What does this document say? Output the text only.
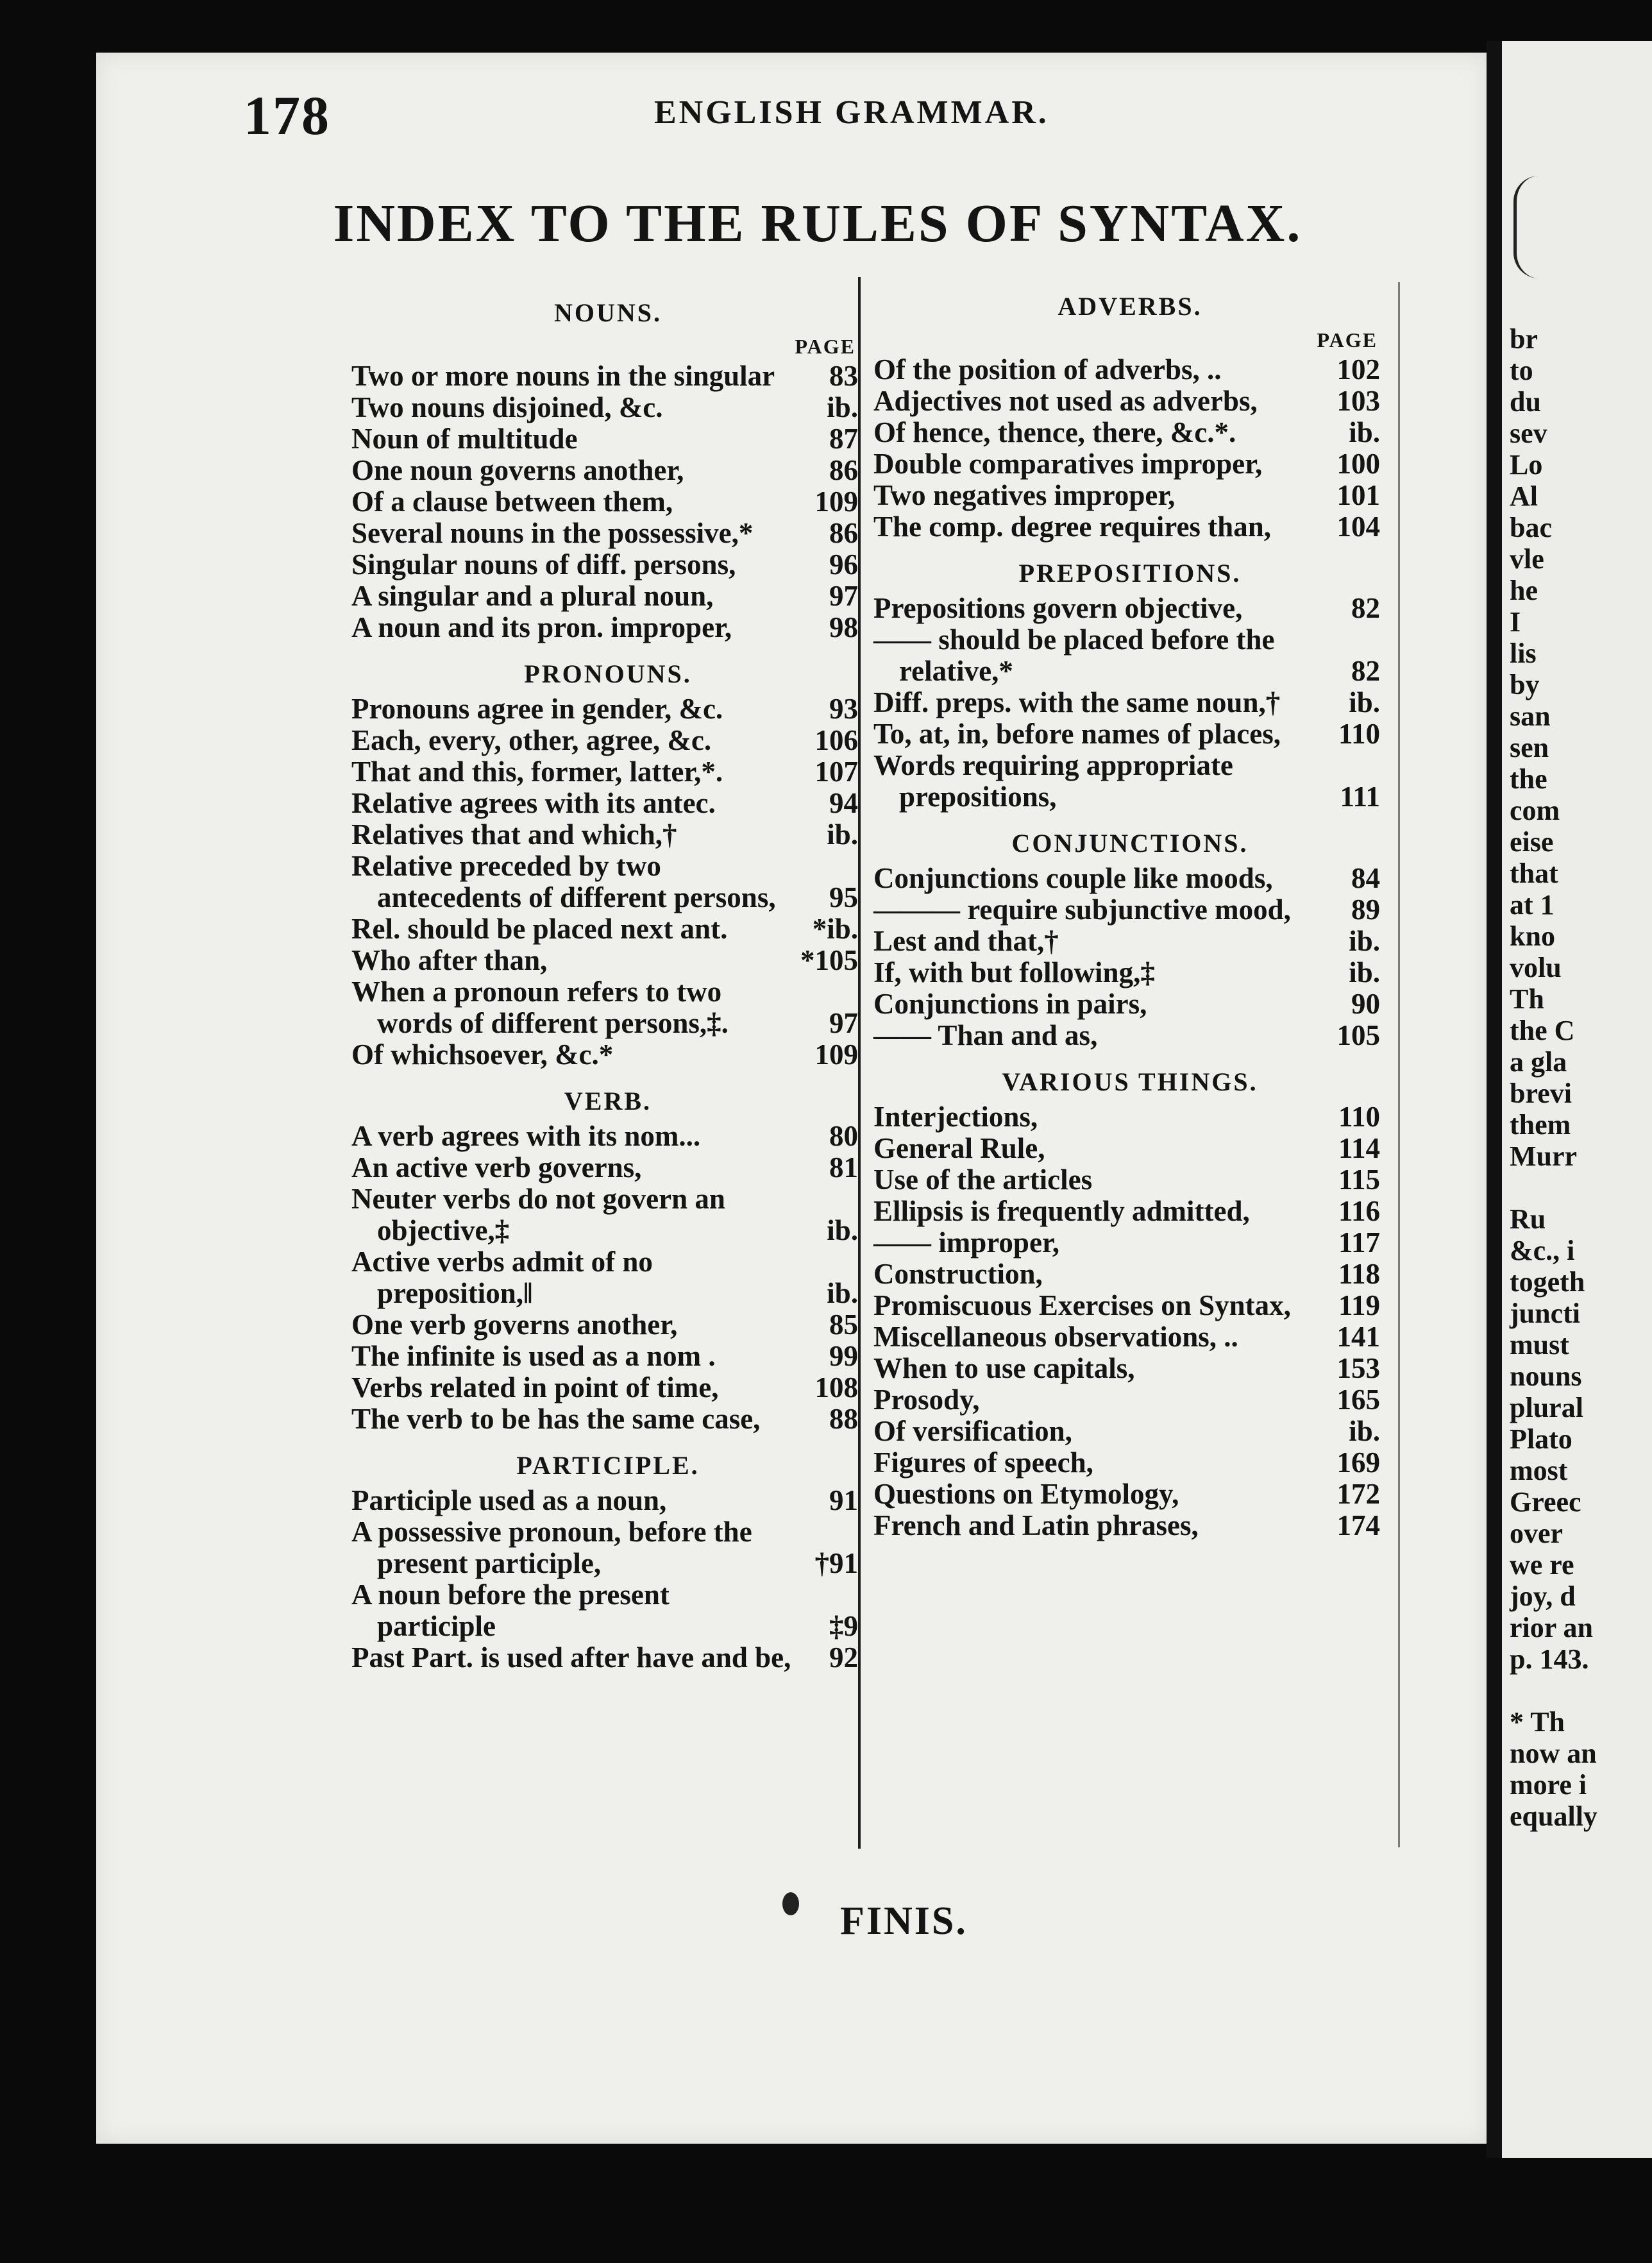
178	ENGLISH GRAMMAR.
INDEX TO THE RULES OF SYNTAX.
NOUNS.
PAGE
Two or more nouns in the singular	83
Two nouns disjoined, &c.	ib.
Noun of multitude	87
One noun governs another,	86
Of a clause between them,	109
Several nouns in the possessive,*	86
Singular nouns of diff. persons,	96
A singular and a plural noun,	97
A noun and its pron. improper,	98
PRONOUNS.
Pronouns agree in gender, &c.	93
Each, every, other, agree, &c.	106
That and this, former, latter,*.	107
Relative agrees with its antec.	94
Relatives that and which,†	ib.
Relative preceded by two antecedents of different persons,	95
Rel. should be placed next ant.	*ib.
Who after than,	*105
When a pronoun refers to two words of different persons,‡.	97
Of whichsoever, &c.*	109
VERB.
A verb agrees with its nom...	80
An active verb governs,	81
Neuter verbs do not govern an objective,‡	ib.
Active verbs admit of no preposition,‖	ib.
One verb governs another,	85
The infinite is used as a nom .	99
Verbs related in point of time,	108
The verb to be has the same case,	88
PARTICIPLE.
Participle used as a noun,	91
A possessive pronoun, before the present participle,	†91
A noun before the present participle	‡9
Past Part. is used after have and be,	92
ADVERBS.
PAGE
Of the position of adverbs, ..	102
Adjectives not used as adverbs,	103
Of hence, thence, there, &c.*.	ib.
Double comparatives improper,	100
Two negatives improper,	101
The comp. degree requires than,	104
PREPOSITIONS.
Prepositions govern objective,	82
—— should be placed before the relative,*	82
Diff. preps. with the same noun,†	ib.
To, at, in, before names of places,	110
Words requiring appropriate prepositions,	111
CONJUNCTIONS.
Conjunctions couple like moods,	84
——— require subjunctive mood,	89
Lest and that,†	ib.
If, with but following,‡	ib.
Conjunctions in pairs,	90
—— Than and as,	105
VARIOUS THINGS.
Interjections,	110
General Rule,	114
Use of the articles	115
Ellipsis is frequently admitted,	116
—— improper,	117
Construction,	118
Promiscuous Exercises on Syntax,	119
Miscellaneous observations, ..	141
When to use capitals,	153
Prosody,	165
Of versification,	ib.
Figures of speech,	169
Questions on Etymology,	172
French and Latin phrases,	174
FINIS.
br
to
du
sev
Lo
Al
bac
vle
he
I
lis
by
san
sen
the
com
eise
that
at 1
kno
volu
Th
the C
a gla
brevi
them
Murr
Ru
&c., i
togeth
juncti
must
nouns
plural
Plato
most
Greec
over
we re
joy, d
rior an
p. 143.
* Th
now an
more i
equally
